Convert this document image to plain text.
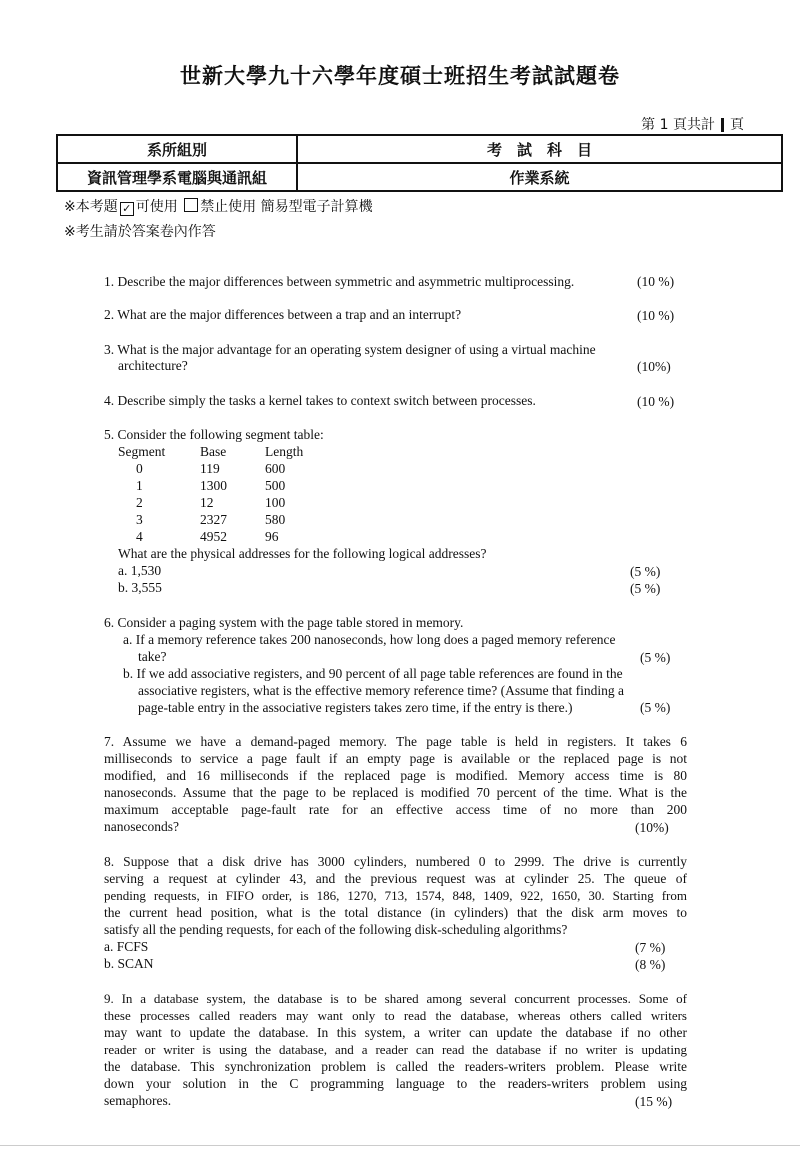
世新大學九十六學年度碩士班招生考試試題卷
第 1 頁共計 頁
系所組別	考　試　科　目
資訊管理學系電腦與通訊組	作業系統
※本考題 ✓ 可使用 禁止使用 簡易型電子計算機
※考生請於答案卷內作答
1. Describe the major differences between symmetric and asymmetric multiprocessing.	(10 %)
2. What are the major differences between a trap and an interrupt?	(10 %)
3. What is the major advantage for an operating system designer of using a virtual machine
architecture?	(10%)
4. Describe simply the tasks a kernel takes to context switch between processes.	(10 %)
5. Consider the following segment table:
Segment	Base	Length
0	119	600
1	1300	500
2	12	100
3	2327	580
4	4952	96
What are the physical addresses for the following logical addresses?
a. 1,530	(5 %)
b. 3,555	(5 %)
6. Consider a paging system with the page table stored in memory.
a. If a memory reference takes 200 nanoseconds, how long does a paged memory reference
take?	(5 %)
b. If we add associative registers, and 90 percent of all page table references are found in the
associative registers, what is the effective memory reference time? (Assume that finding a
page-table entry in the associative registers takes zero time, if the entry is there.)	(5 %)
7. Assume we have a demand-paged memory. The page table is held in registers. It takes 6
milliseconds to service a page fault if an empty page is available or the replaced page is not
modified, and 16 milliseconds if the replaced page is modified. Memory access time is 80
nanoseconds. Assume that the page to be replaced is modified 70 percent of the time. What is the
maximum acceptable page-fault rate for an effective access time of no more than 200
nanoseconds?	(10%)
8. Suppose that a disk drive has 3000 cylinders, numbered 0 to 2999. The drive is currently
serving a request at cylinder 43, and the previous request was at cylinder 25. The queue of
pending requests, in FIFO order, is 186, 1270, 713, 1574, 848, 1409, 922, 1650, 30. Starting from
the current head position, what is the total distance (in cylinders) that the disk arm moves to
satisfy all the pending requests, for each of the following disk-scheduling algorithms?
a. FCFS	(7 %)
b. SCAN	(8 %)
9. In a database system, the database is to be shared among several concurrent processes. Some of
these processes called readers may want only to read the database, whereas others called writers
may want to update the database. In this system, a writer can update the database if no other
reader or writer is using the database, and a reader can read the database if no writer is updating
the database. This synchronization problem is called the readers-writers problem. Please write
down your solution in the C programming language to the readers-writers problem using
semaphores.	(15 %)
